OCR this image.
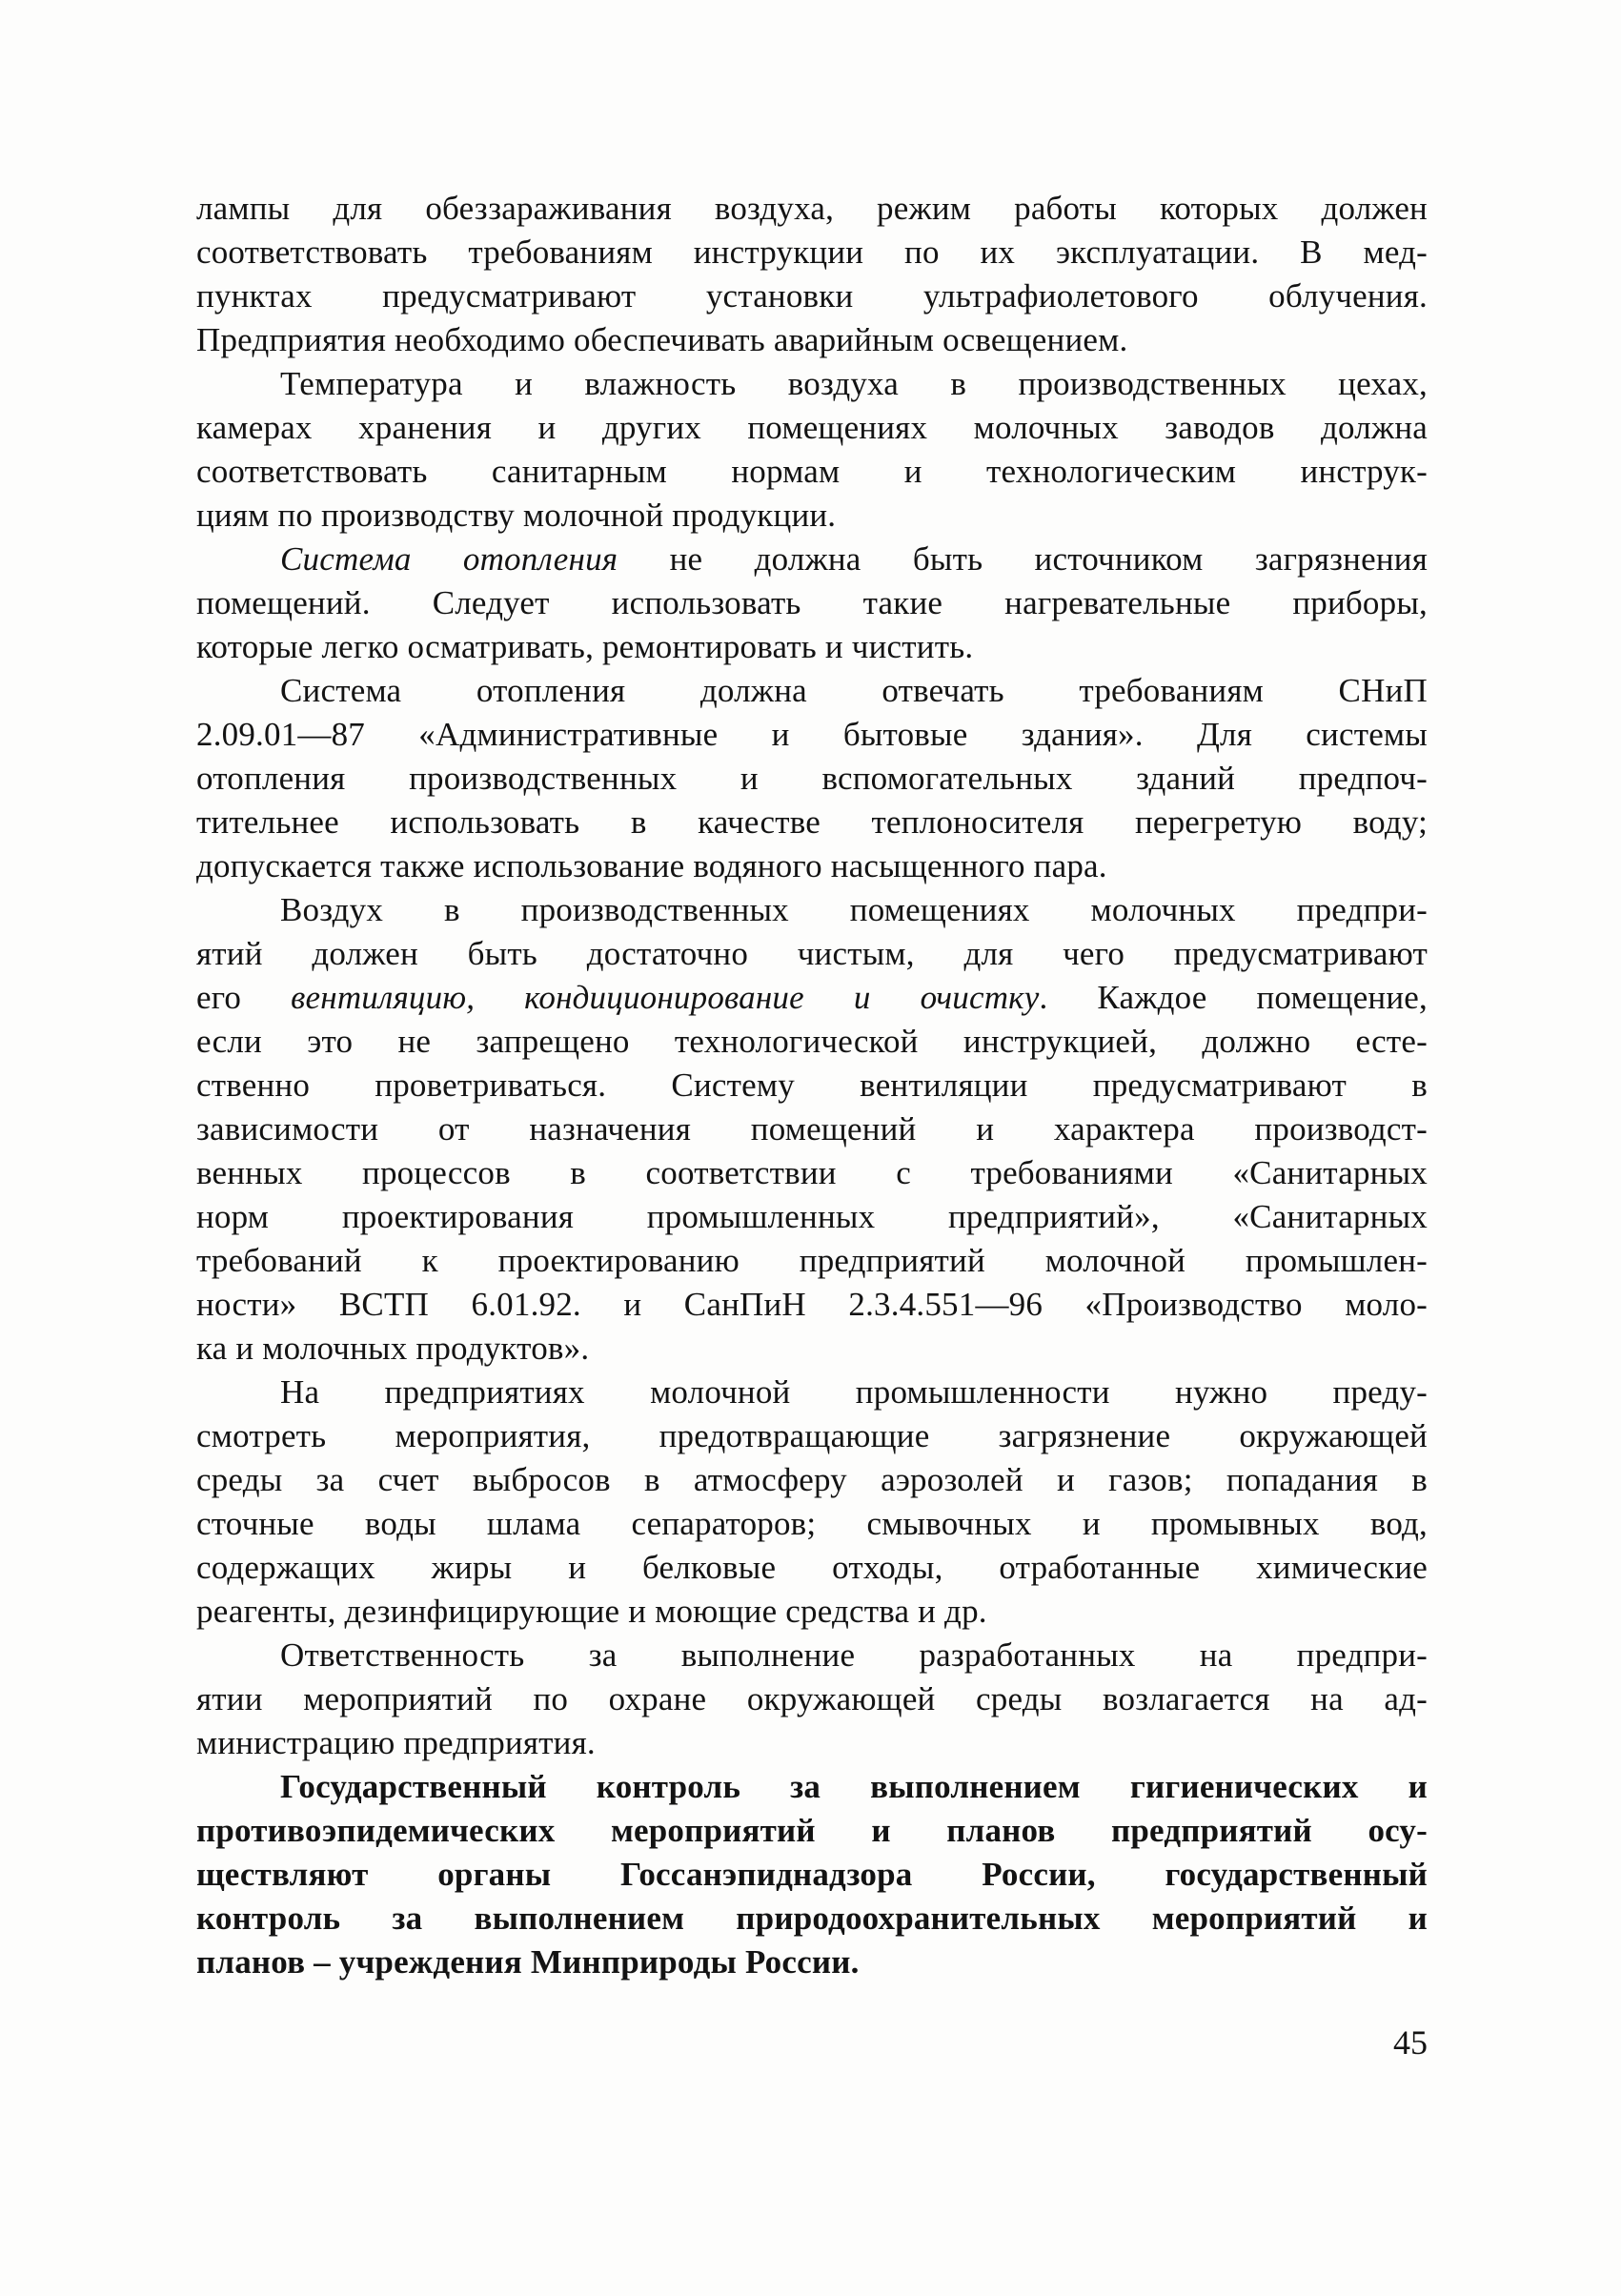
лампы для обеззараживания воздуха, режим работы которых должен
соответствовать требованиям инструкции по их эксплуатации. В мед-
пунктах предусматривают установки ультрафиолетового облучения.
Предприятия необходимо обеспечивать аварийным освещением.
Температура и влажность воздуха в производственных цехах,
камерах хранения и других помещениях молочных заводов должна
соответствовать санитарным нормам и технологическим инструк-
циям по производству молочной продукции.
Система отопления не должна быть источником загрязнения
помещений. Следует использовать такие нагревательные приборы,
которые легко осматривать, ремонтировать и чистить.
Система отопления должна отвечать требованиям СНиП
2.09.01—87 «Административные и бытовые здания». Для системы
отопления производственных и вспомогательных зданий предпоч-
тительнее использовать в качестве теплоносителя перегретую воду;
допускается также использование водяного насыщенного пара.
Воздух в производственных помещениях молочных предпри-
ятий должен быть достаточно чистым, для чего предусматривают
его вентиляцию, кондиционирование и очистку. Каждое помещение,
если это не запрещено технологической инструкцией, должно есте-
ственно проветриваться. Систему вентиляции предусматривают в
зависимости от назначения помещений и характера производст-
венных процессов в соответствии с требованиями «Санитарных
норм проектирования промышленных предприятий», «Санитарных
требований к проектированию предприятий молочной промышлен-
ности» ВСТП 6.01.92. и СанПиН 2.3.4.551—96 «Производство моло-
ка и молочных продуктов».
На предприятиях молочной промышленности нужно преду-
смотреть мероприятия, предотвращающие загрязнение окружающей
среды за счет выбросов в атмосферу аэрозолей и газов; попадания в
сточные воды шлама сепараторов; смывочных и промывных вод,
содержащих жиры и белковые отходы, отработанные химические
реагенты, дезинфицирующие и моющие средства и др.
Ответственность за выполнение разработанных на предпри-
ятии мероприятий по охране окружающей среды возлагается на ад-
министрацию предприятия.
Государственный контроль за выполнением гигиенических и
противоэпидемических мероприятий и планов предприятий осу-
ществляют органы Госсанэпиднадзора России, государственный
контроль за выполнением природоохранительных мероприятий и
планов – учреждения Минприроды России.
45
